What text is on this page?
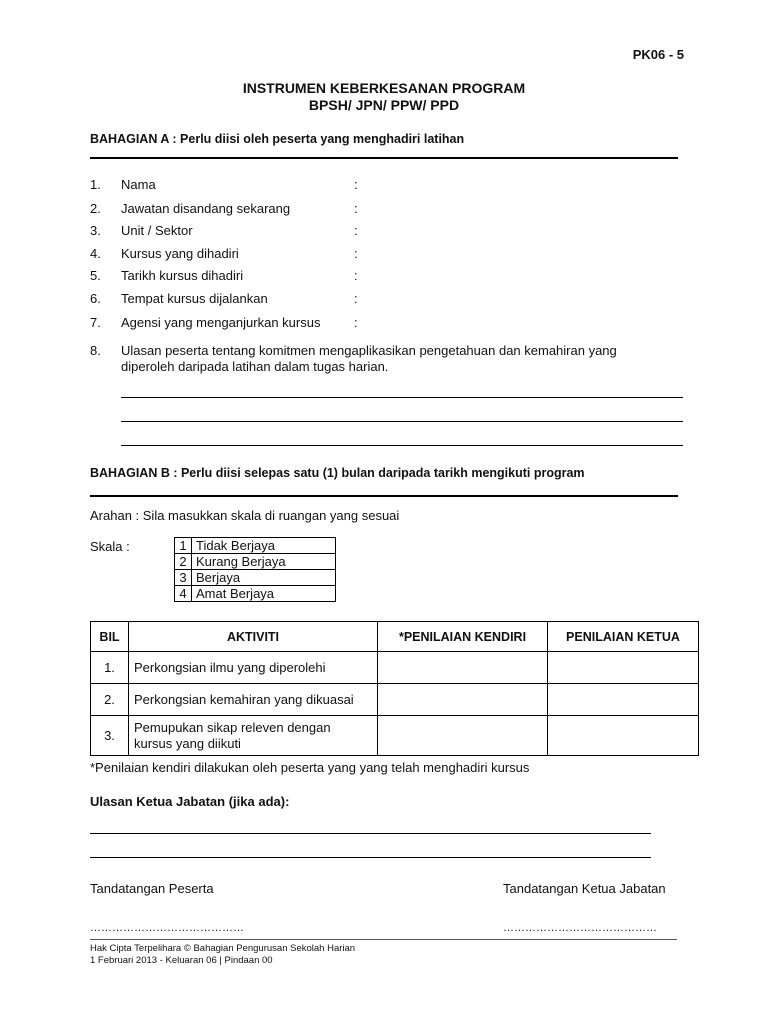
PK06 - 5
INSTRUMEN KEBERKESANAN PROGRAM
BPSH/ JPN/ PPW/ PPD
BAHAGIAN A : Perlu diisi oleh peserta yang menghadiri latihan
1. Nama	:
2. Jawatan disandang sekarang	:
3. Unit / Sektor	:
4. Kursus yang dihadiri	:
5. Tarikh kursus dihadiri	:
6. Tempat kursus dijalankan	:
7. Agensi yang menganjurkan kursus	:
8. Ulasan peserta tentang komitmen mengaplikasikan pengetahuan dan kemahiran yang
diperoleh daripada latihan dalam tugas harian.
BAHAGIAN B : Perlu diisi selepas satu (1) bulan daripada tarikh mengikuti program
Arahan : Sila masukkan skala di ruangan yang sesuai
Skala :	1	Tidak Berjaya
2	Kurang Berjaya
3	Berjaya
4	Amat Berjaya
BIL	AKTIVITI	*PENILAIAN KENDIRI	PENILAIAN KETUA
1.	Perkongsian ilmu yang diperolehi		
2.	Perkongsian kemahiran yang dikuasai		
3.	Pemupukan sikap releven dengan
kursus yang diikuti		

*Penilaian kendiri dilakukan oleh peserta yang yang telah menghadiri kursus
Ulasan Ketua Jabatan (jika ada):
Tandatangan Peserta	Tandatangan Ketua Jabatan
……………………………………	……………………………………
Hak Cipta Terpelihara © Bahagian Pengurusan Sekolah Harian
1 Februari 2013 - Keluaran 06 | Pindaan 00
